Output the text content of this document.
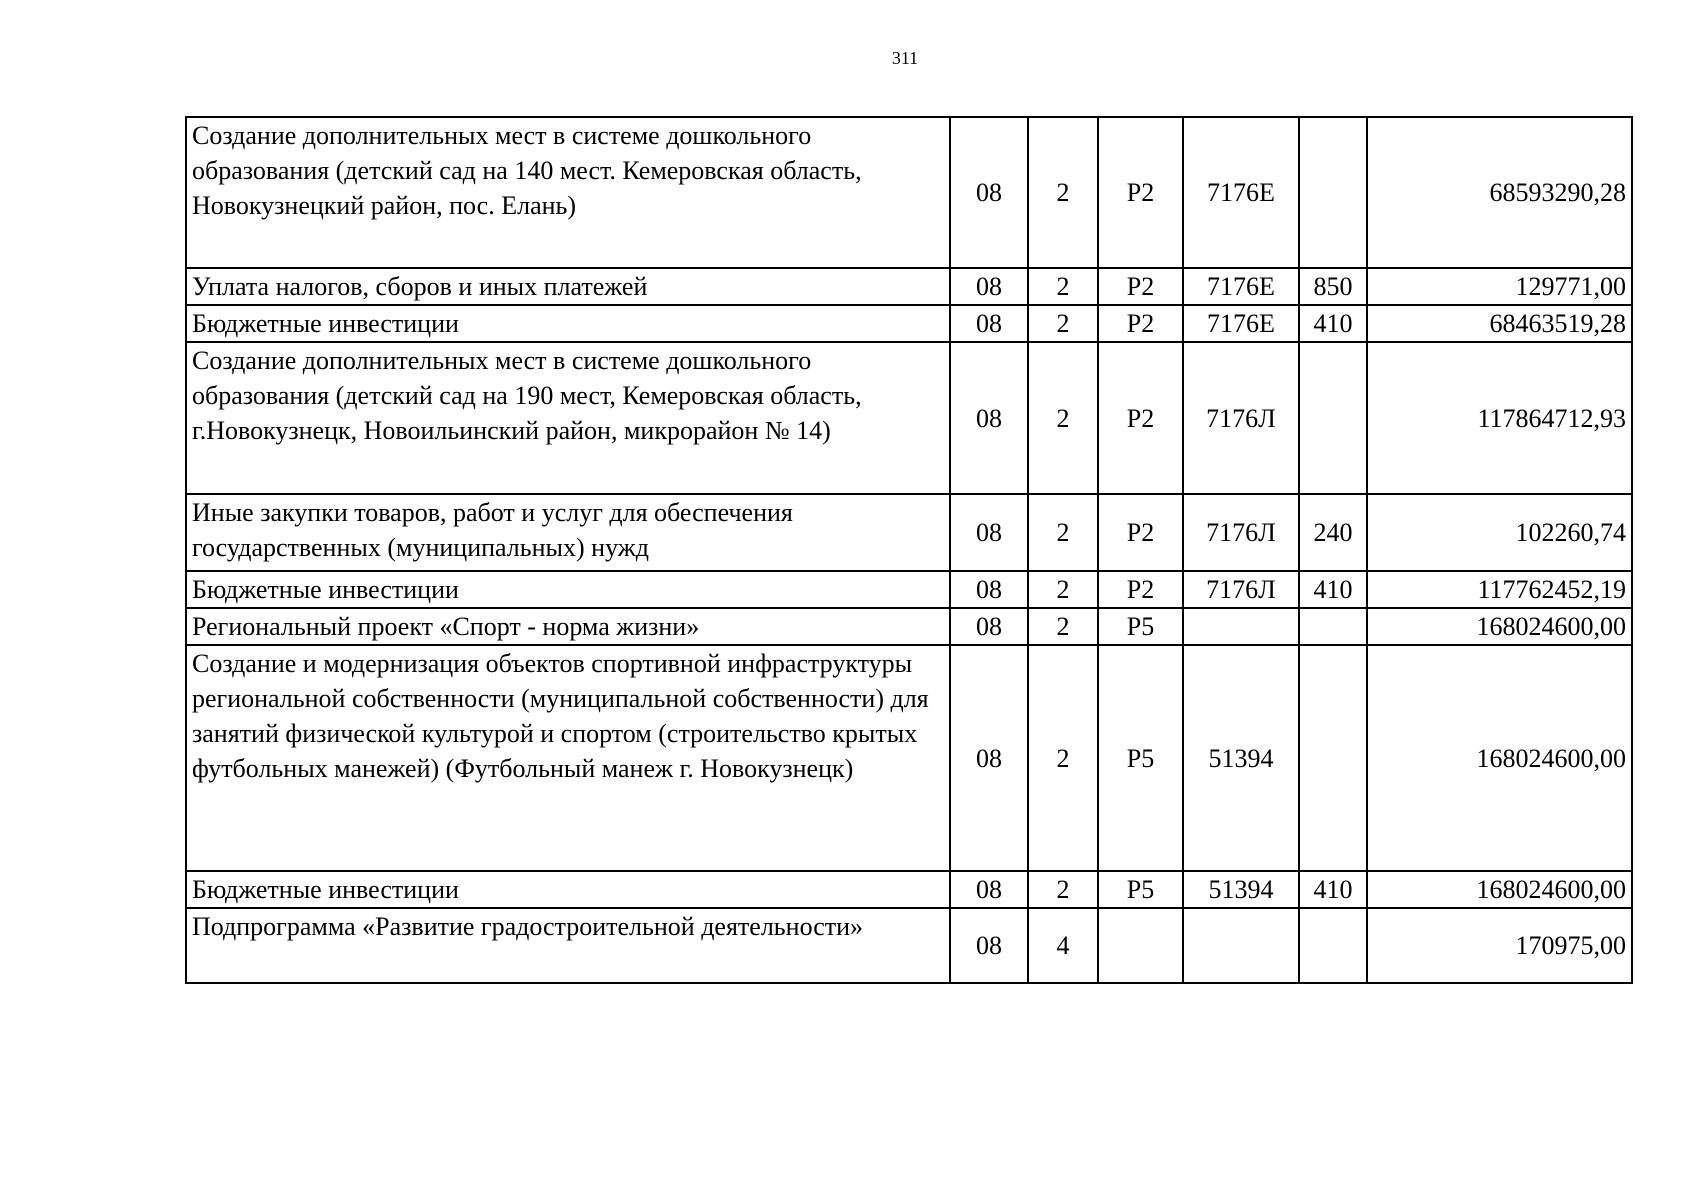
311
Создание дополнительных мест в системе дошкольного образования (детский сад на 140 мест. Кемеровская область, Новокузнецкий район, пос. Елань)	08	2	Р2	7176Е		68593290,28
Уплата налогов, сборов и иных платежей	08	2	Р2	7176Е	850	129771,00
Бюджетные инвестиции	08	2	Р2	7176Е	410	68463519,28
Создание дополнительных мест в системе дошкольного образования (детский сад на 190 мест, Кемеровская область, г.Новокузнецк, Новоильинский район, микрорайон № 14)	08	2	Р2	7176Л		117864712,93
Иные закупки товаров, работ и услуг для обеспечения государственных (муниципальных) нужд	08	2	Р2	7176Л	240	102260,74
Бюджетные инвестиции	08	2	Р2	7176Л	410	117762452,19
Региональный проект «Спорт - норма жизни»	08	2	Р5			168024600,00
Создание и модернизация объектов спортивной инфраструктуры региональной собственности (муниципальной собственности) для занятий физической культурой и спортом (строительство крытых футбольных манежей) (Футбольный манеж г. Новокузнецк)	08	2	Р5	51394		168024600,00
Бюджетные инвестиции	08	2	Р5	51394	410	168024600,00
Подпрограмма «Развитие градостроительной деятельности»	08	4				170975,00
